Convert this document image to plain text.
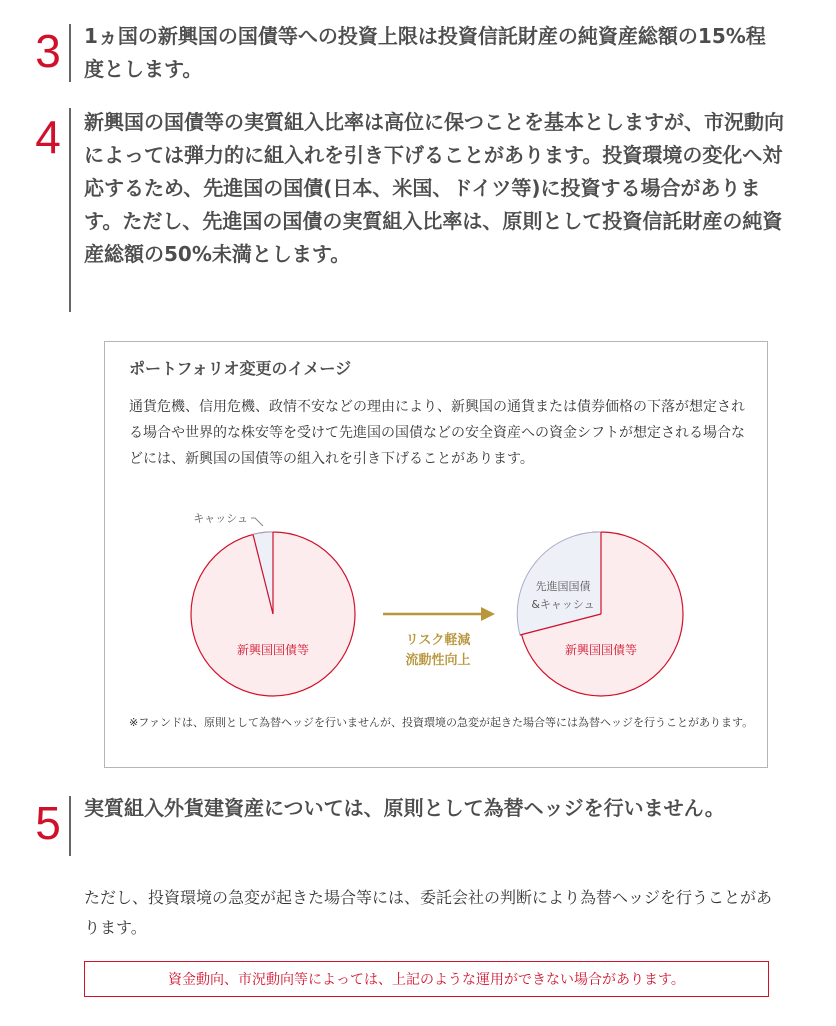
3 1ヵ国の新興国の国債等への投資上限は投資信託財産の純資産総額の15%程度とします。

4 新興国の国債等の実質組入比率は高位に保つことを基本としますが、市況動向によっては弾力的に組入れを引き下げることがあります。投資環境の変化へ対応するため、先進国の国債(日本、米国、ドイツ等)に投資する場合があります。ただし、先進国の国債の実質組入比率は、原則として投資信託財産の純資産総額の50%未満とします。

ポートフォリオ変更のイメージ

通貨危機、信用危機、政情不安などの理由により、新興国の通貨または債券価格の下落が想定される場合や世界的な株安等を受けて先進国の国債などの安全資産への資金シフトが想定される場合などには、新興国の国債等の組入れを引き下げることがあります。

キャッシュ
新興国国債等
リスク軽減
流動性向上
先進国国債
&キャッシュ
新興国国債等

※ファンドは、原則として為替ヘッジを行いませんが、投資環境の急変が起きた場合等には為替ヘッジを行うことがあります。

5 実質組入外貨建資産については、原則として為替ヘッジを行いません。

ただし、投資環境の急変が起きた場合等には、委託会社の判断により為替ヘッジを行うことがあります。

資金動向、市況動向等によっては、上記のような運用ができない場合があります。
